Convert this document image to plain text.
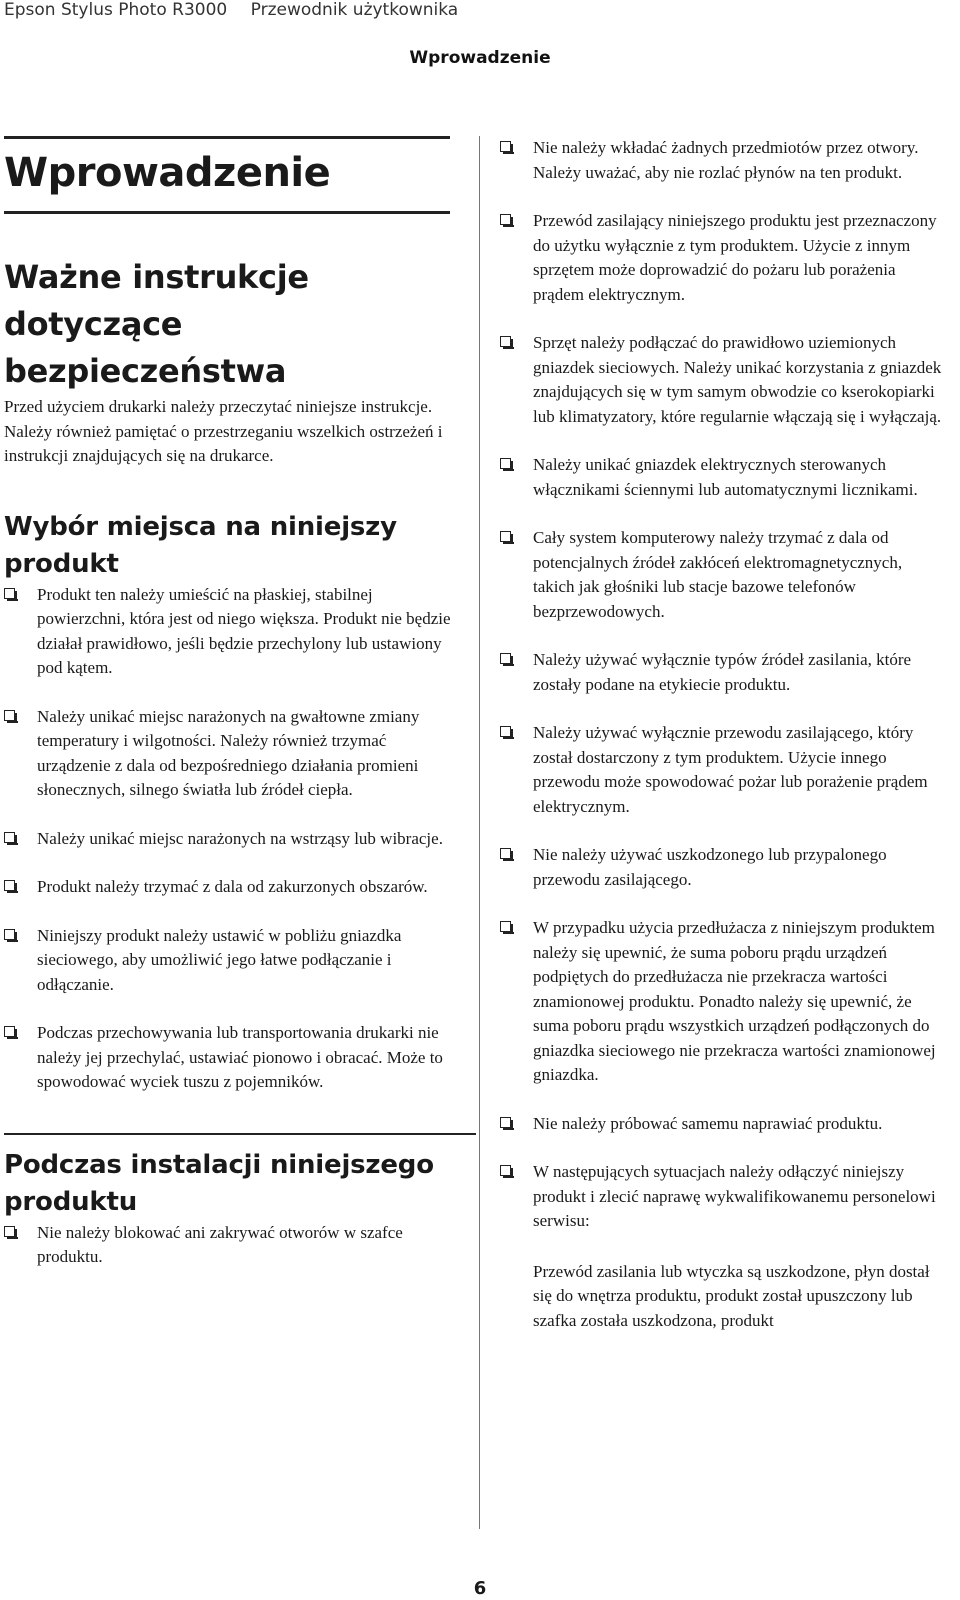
Epson Stylus Photo R3000 Przewodnik użytkownika
Wprowadzenie
Wprowadzenie
Ważne instrukcje dotyczące bezpieczeństwa

Przed użyciem drukarki należy przeczytać niniejsze instrukcje. Należy również pamiętać o przestrzeganiu wszelkich ostrzeżeń i instrukcji znajdujących się na drukarce.

Wybór miejsca na niniejszy produkt
Produkt ten należy umieścić na płaskiej, stabilnej powierzchni, która jest od niego większa. Produkt nie będzie działał prawidłowo, jeśli będzie przechylony lub ustawiony pod kątem.
Należy unikać miejsc narażonych na gwałtowne zmiany temperatury i wilgotności. Należy również trzymać urządzenie z dala od bezpośredniego działania promieni słonecznych, silnego światła lub źródeł ciepła.
Należy unikać miejsc narażonych na wstrząsy lub wibracje.
Produkt należy trzymać z dala od zakurzonych obszarów.
Niniejszy produkt należy ustawić w pobliżu gniazdka sieciowego, aby umożliwić jego łatwe podłączanie i odłączanie.
Podczas przechowywania lub transportowania drukarki nie należy jej przechylać, ustawiać pionowo i obracać. Może to spowodować wyciek tuszu z pojemników.
Podczas instalacji niniejszego produktu
Nie należy blokować ani zakrywać otworów w szafce produktu.
Nie należy wkładać żadnych przedmiotów przez otwory. Należy uważać, aby nie rozlać płynów na ten produkt.
Przewód zasilający niniejszego produktu jest przeznaczony do użytku wyłącznie z tym produktem. Użycie z innym sprzętem może doprowadzić do pożaru lub porażenia prądem elektrycznym.
Sprzęt należy podłączać do prawidłowo uziemionych gniazdek sieciowych. Należy unikać korzystania z gniazdek znajdujących się w tym samym obwodzie co kserokopiarki lub klimatyzatory, które regularnie włączają się i wyłączają.
Należy unikać gniazdek elektrycznych sterowanych włącznikami ściennymi lub automatycznymi licznikami.
Cały system komputerowy należy trzymać z dala od potencjalnych źródeł zakłóceń elektromagnetycznych, takich jak głośniki lub stacje bazowe telefonów bezprzewodowych.
Należy używać wyłącznie typów źródeł zasilania, które zostały podane na etykiecie produktu.
Należy używać wyłącznie przewodu zasilającego, który został dostarczony z tym produktem. Użycie innego przewodu może spowodować pożar lub porażenie prądem elektrycznym.
Nie należy używać uszkodzonego lub przypalonego przewodu zasilającego.
W przypadku użycia przedłużacza z niniejszym produktem należy się upewnić, że suma poboru prądu urządzeń podpiętych do przedłużacza nie przekracza wartości znamionowej produktu. Ponadto należy się upewnić, że suma poboru prądu wszystkich urządzeń podłączonych do gniazdka sieciowego nie przekracza wartości znamionowej gniazdka.
Nie należy próbować samemu naprawiać produktu.
W następujących sytuacjach należy odłączyć niniejszy produkt i zlecić naprawę wykwalifikowanemu personelowi serwisu:
Przewód zasilania lub wtyczka są uszkodzone, płyn dostał się do wnętrza produktu, produkt został upuszczony lub szafka została uszkodzona, produkt
6
